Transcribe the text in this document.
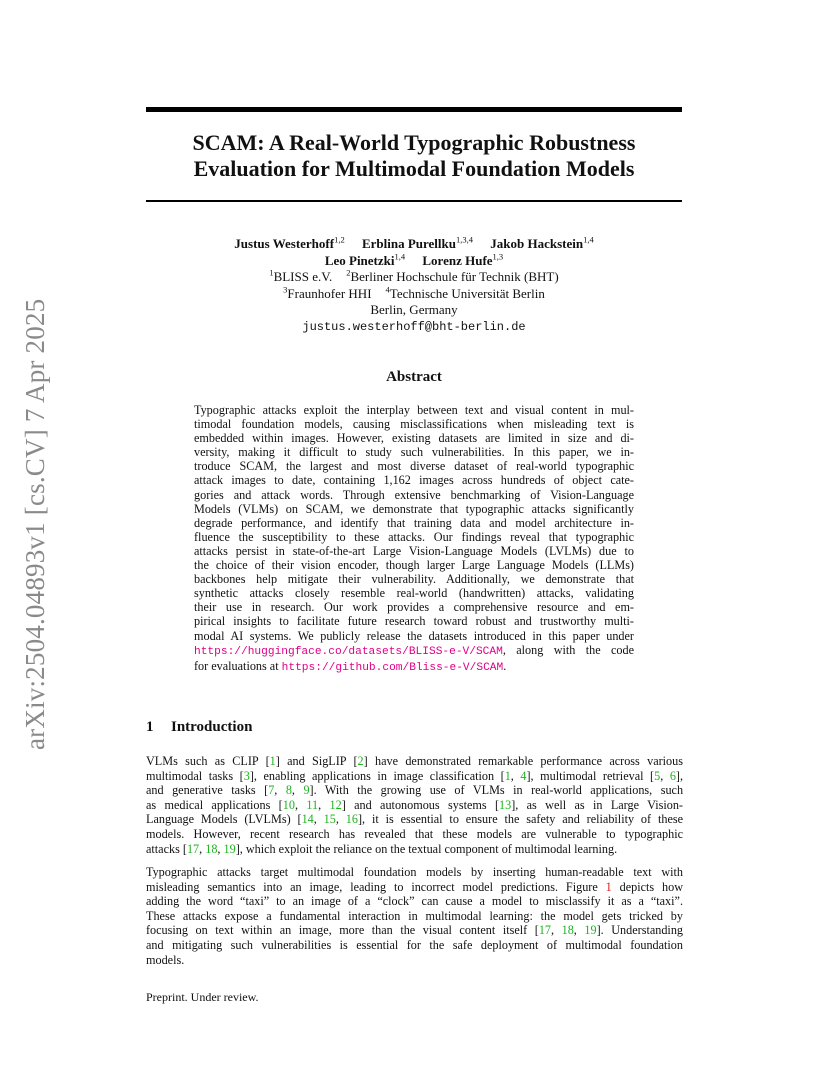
arXiv:2504.04893v1 [cs.CV] 7 Apr 2025
SCAM: A Real-World Typographic Robustness
Evaluation for Multimodal Foundation Models
Justus Westerhoff$^{1,2}$ Erblina Purellku$^{1,3,4}$ Jakob Hackstein$^{1,4}$
Leo Pinetzki$^{1,4}$ Lorenz Hufe$^{1,3}$
$^1$BLISS e.V. $^2$Berliner Hochschule für Technik (BHT)
$^3$Fraunhofer HHI $^4$Technische Universität Berlin
Berlin, Germany
justus.westerhoff@bht-berlin.de
Abstract
Typographic attacks exploit the interplay between text and visual content in mul-
timodal foundation models, causing misclassifications when misleading text is
embedded within images. However, existing datasets are limited in size and di-
versity, making it difficult to study such vulnerabilities. In this paper, we in-
troduce SCAM, the largest and most diverse dataset of real-world typographic
attack images to date, containing 1,162 images across hundreds of object cate-
gories and attack words. Through extensive benchmarking of Vision-Language
Models (VLMs) on SCAM, we demonstrate that typographic attacks significantly
degrade performance, and identify that training data and model architecture in-
fluence the susceptibility to these attacks. Our findings reveal that typographic
attacks persist in state-of-the-art Large Vision-Language Models (LVLMs) due to
the choice of their vision encoder, though larger Large Language Models (LLMs)
backbones help mitigate their vulnerability. Additionally, we demonstrate that
synthetic attacks closely resemble real-world (handwritten) attacks, validating
their use in research. Our work provides a comprehensive resource and em-
pirical insights to facilitate future research toward robust and trustworthy multi-
modal AI systems. We publicly release the datasets introduced in this paper under
https://huggingface.co/datasets/BLISS-e-V/SCAM, along with the code
for evaluations at https://github.com/Bliss-e-V/SCAM.
1 Introduction
VLMs such as CLIP [1] and SigLIP [2] have demonstrated remarkable performance across various
multimodal tasks [3], enabling applications in image classification [1, 4], multimodal retrieval [5, 6],
and generative tasks [7, 8, 9]. With the growing use of VLMs in real-world applications, such
as medical applications [10, 11, 12] and autonomous systems [13], as well as in Large Vision-
Language Models (LVLMs) [14, 15, 16], it is essential to ensure the safety and reliability of these
models. However, recent research has revealed that these models are vulnerable to typographic
attacks [17, 18, 19], which exploit the reliance on the textual component of multimodal learning.
Typographic attacks target multimodal foundation models by inserting human-readable text with
misleading semantics into an image, leading to incorrect model predictions. Figure 1 depicts how
adding the word “taxi” to an image of a “clock” can cause a model to misclassify it as a “taxi”.
These attacks expose a fundamental interaction in multimodal learning: the model gets tricked by
focusing on text within an image, more than the visual content itself [17, 18, 19]. Understanding
and mitigating such vulnerabilities is essential for the safe deployment of multimodal foundation
models.
Preprint. Under review.
